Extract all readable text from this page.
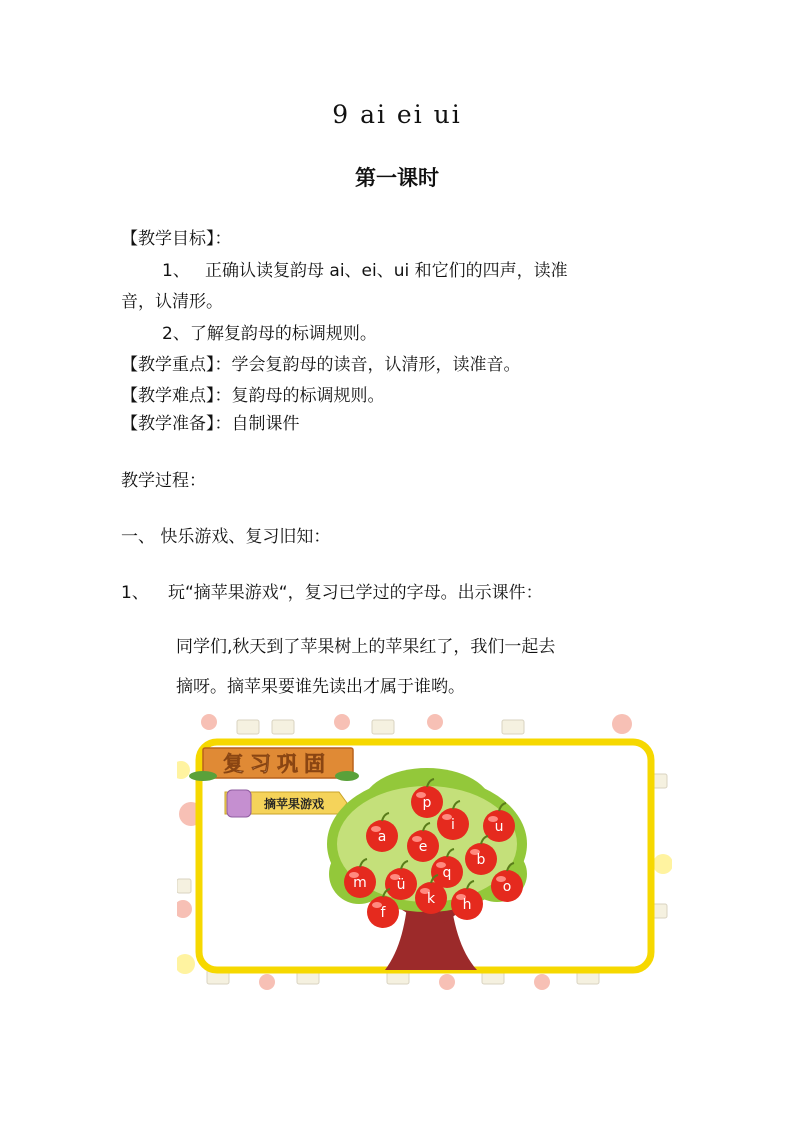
9 ai ei ui
第一课时
【教学目标】：
1、 正确认读复韵母 ai、ei、ui 和它们的四声，读准
音，认清形。
2、了解复韵母的标调规则。
【教学重点】：学会复韵母的读音，认清形，读准音。
【教学难点】：复韵母的标调规则。
【教学准备】：自制课件
教学过程：
一、 快乐游戏、复习旧知：
1、 玩“摘苹果游戏“，复习已学过的字母。出示课件：
同学们,秋天到了苹果树上的苹果红了，我们一起去
摘呀。摘苹果要谁先读出才属于谁哟。
复习巩固
摘苹果游戏	p
i	u
a
e
b
q
m ü	o
k h
f
